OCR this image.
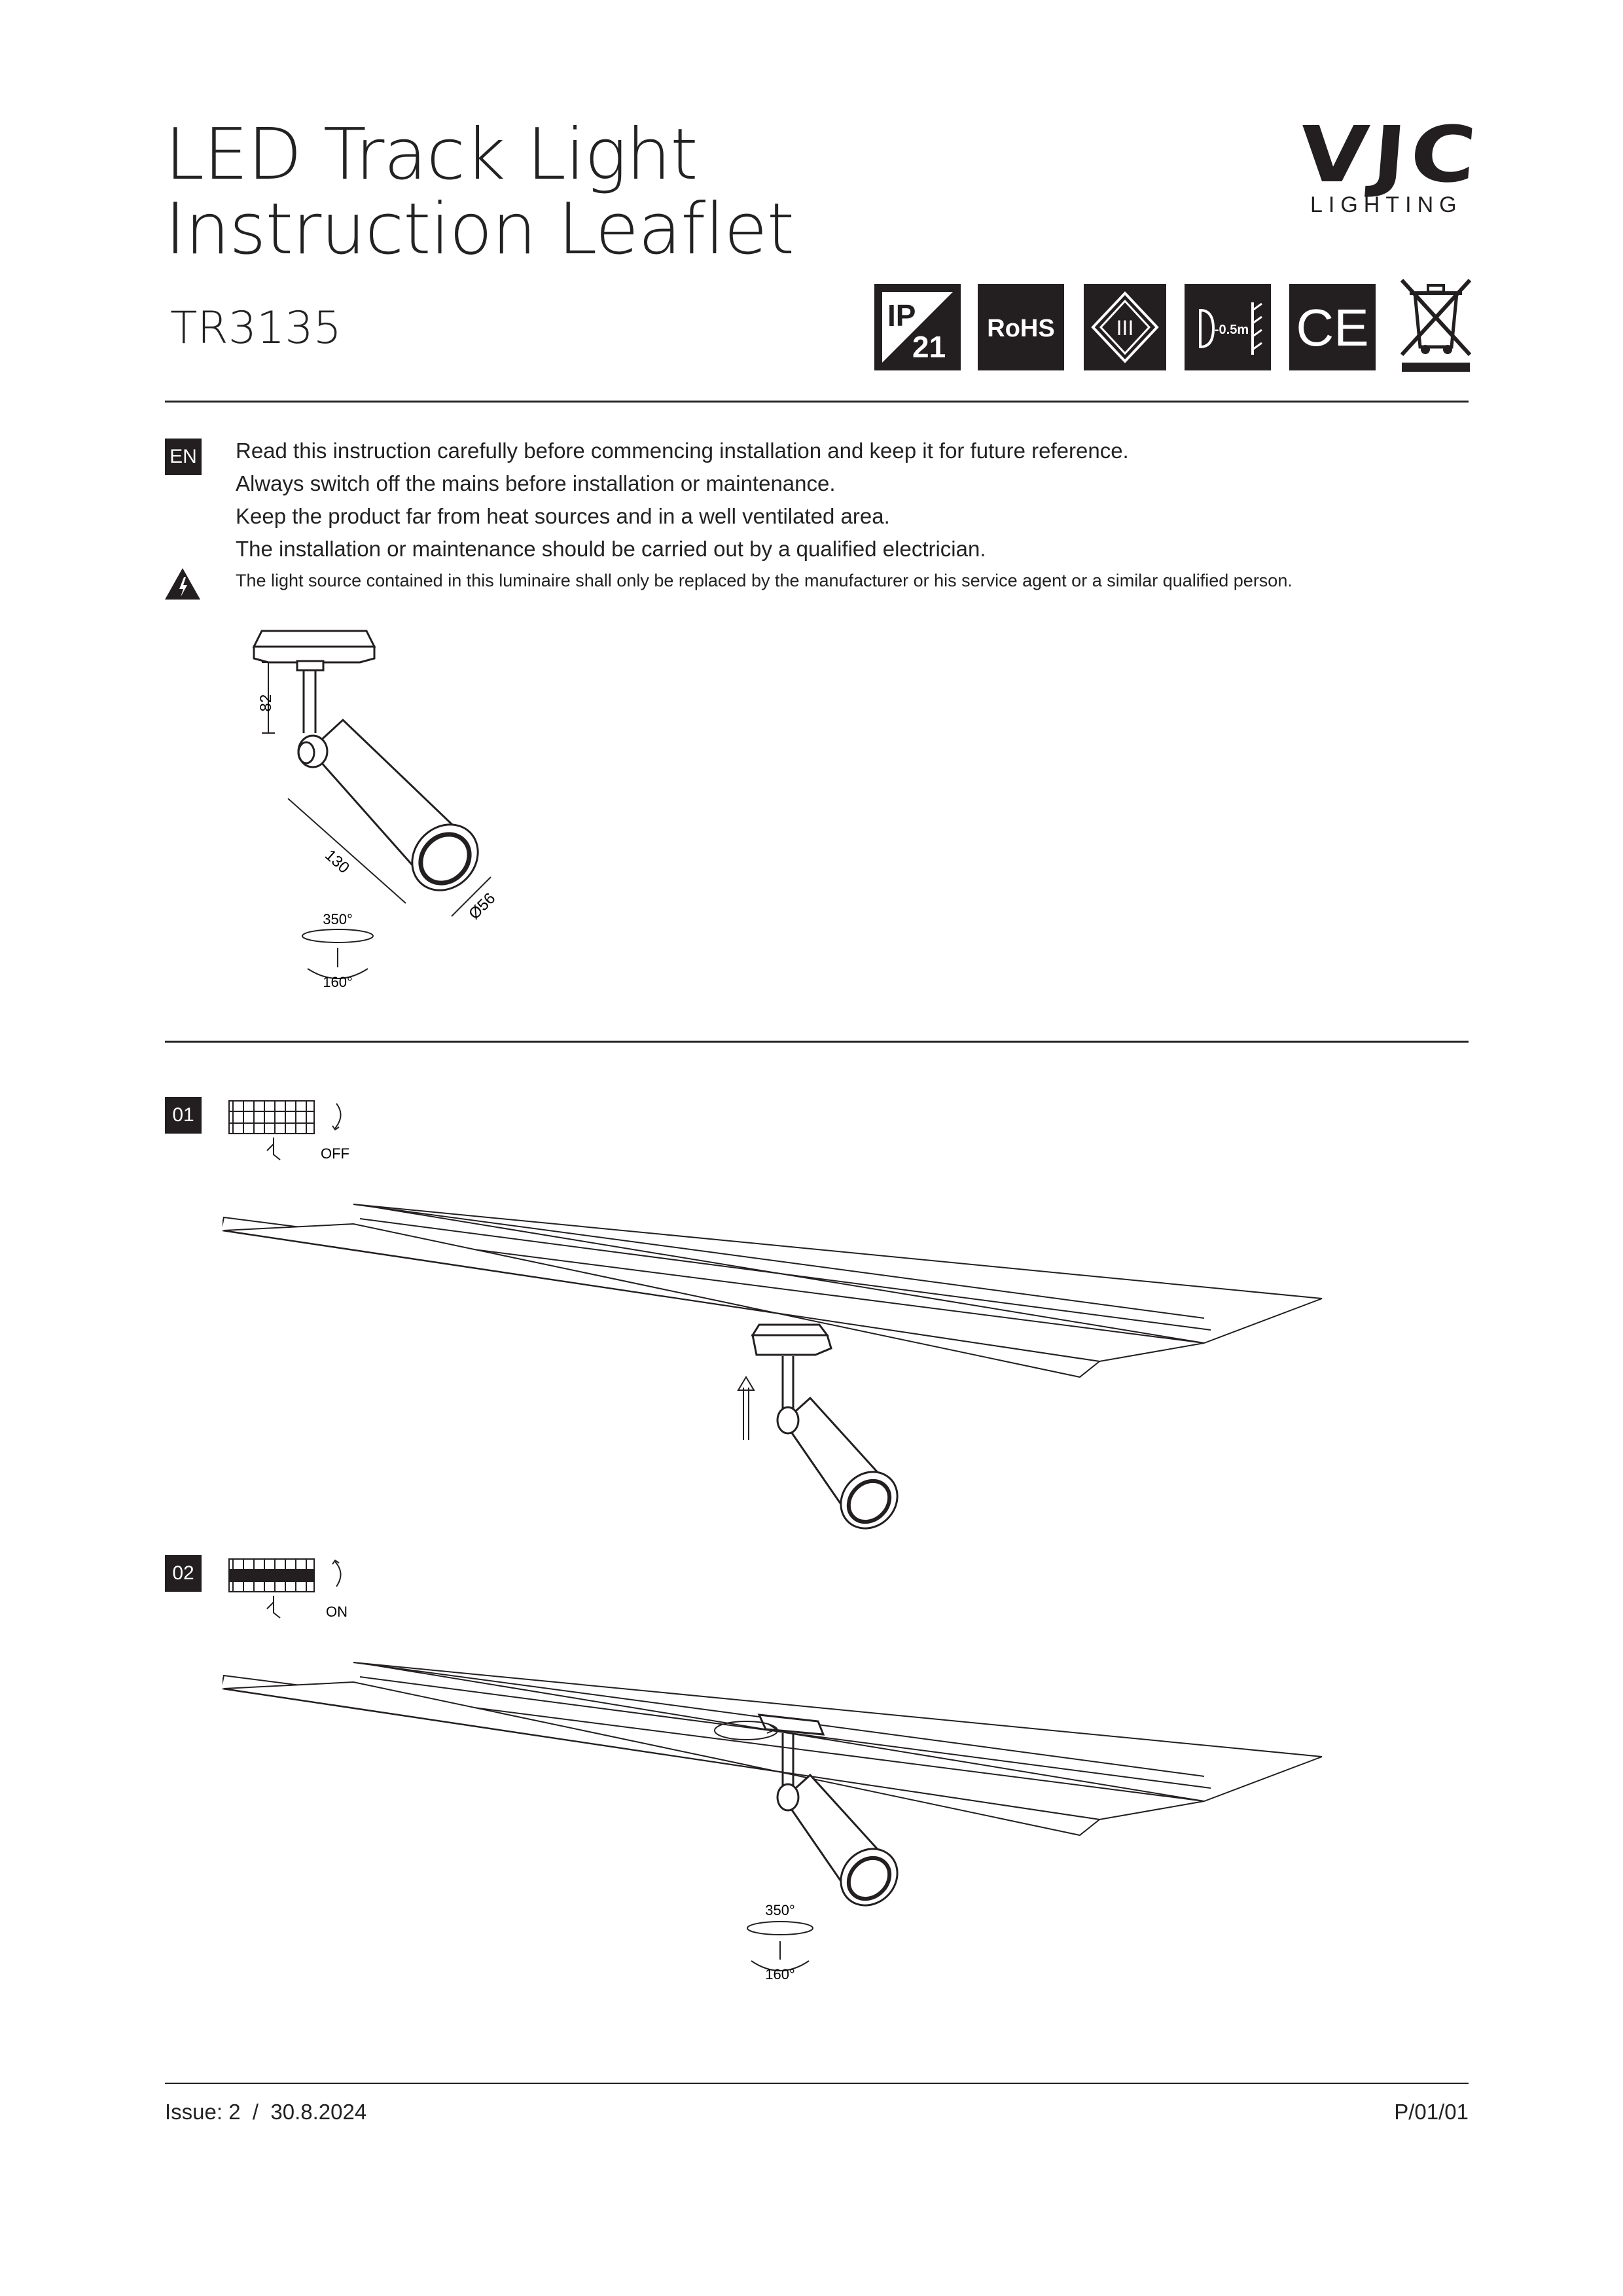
LED Track Light
Instruction Leaflet
TR3135
VJC
LIGHTING
IP
21
RoHS	III	-0.5m CE
EN Read this instruction carefully before commencing installation and keep it for future reference.
Always switch off the mains before installation or maintenance.
Keep the product far from heat sources and in a well ventilated area.
The installation or maintenance should be carried out by a qualified electrician.
The light source contained in this luminaire shall only be replaced by the manufacturer or his service agent or a similar qualified person.
82
130
Ø56
350°
160°
01
OFF
02
ON
350°
160°
Issue: 2  /  30.8.2024	P/01/01
